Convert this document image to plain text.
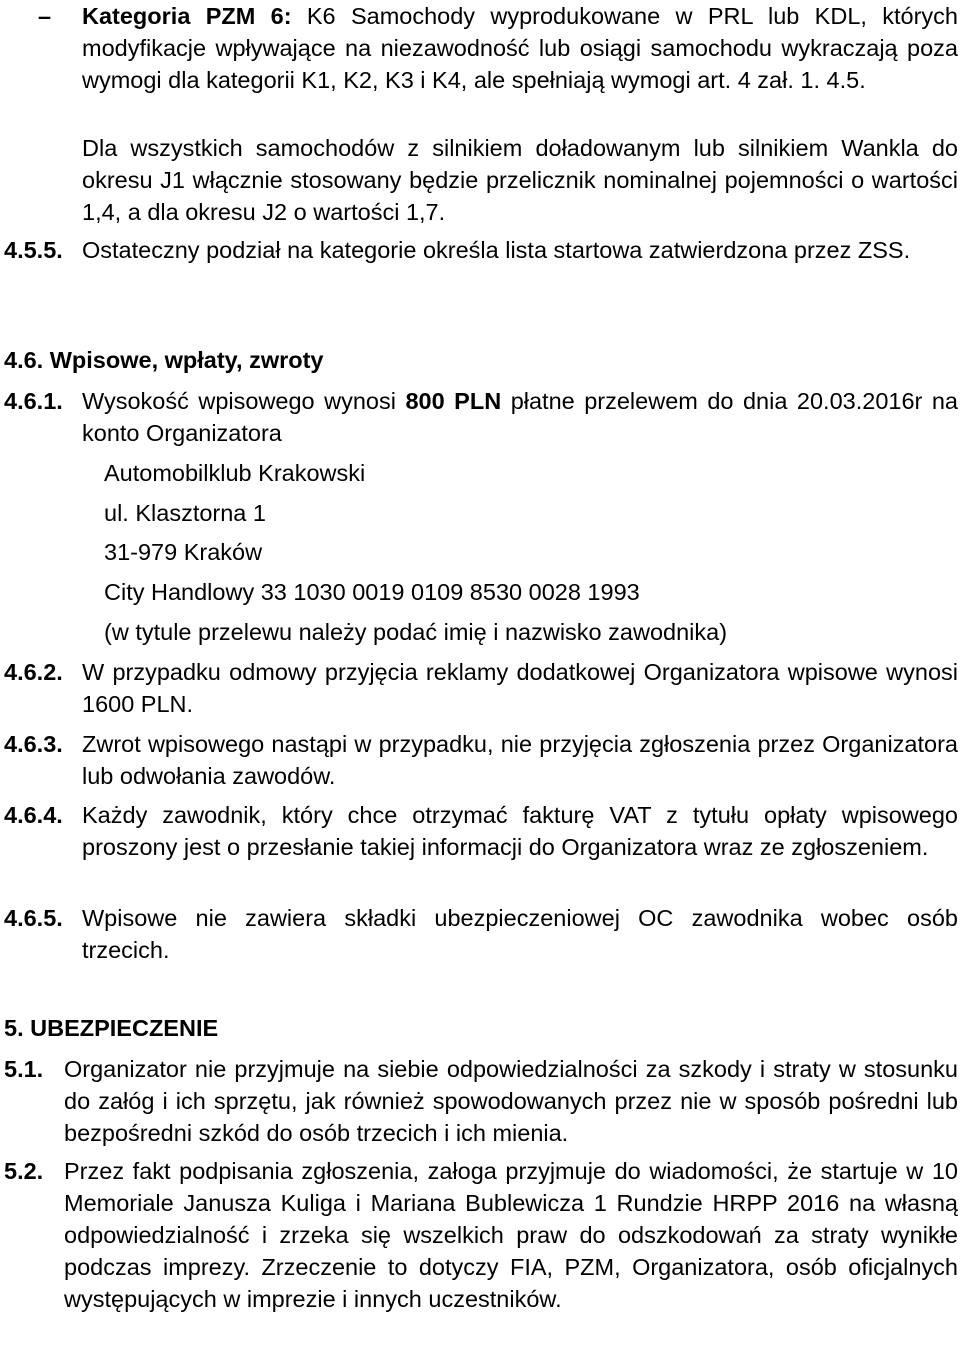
– Kategoria PZM 6: K6 Samochody wyprodukowane w PRL lub KDL, których modyfikacje wpływające na niezawodność lub osiągi samochodu wykraczają poza wymogi dla kategorii K1, K2, K3 i K4, ale spełniają wymogi art. 4 zał. 1. 4.5.
Dla wszystkich samochodów z silnikiem doładowanym lub silnikiem Wankla do okresu J1 włącznie stosowany będzie przelicznik nominalnej pojemności o wartości 1,4, a dla okresu J2 o wartości 1,7.
4.5.5. Ostateczny podział na kategorie określa lista startowa zatwierdzona przez ZSS.
4.6. Wpisowe, wpłaty, zwroty
4.6.1. Wysokość wpisowego wynosi 800 PLN płatne przelewem do dnia 20.03.2016r na konto Organizatora
Automobilklub Krakowski
ul. Klasztorna 1
31-979 Kraków
City Handlowy 33 1030 0019 0109 8530 0028 1993
(w tytule przelewu należy podać imię i nazwisko zawodnika)
4.6.2. W przypadku odmowy przyjęcia reklamy dodatkowej Organizatora wpisowe wynosi 1600 PLN.
4.6.3. Zwrot wpisowego nastąpi w przypadku, nie przyjęcia zgłoszenia przez Organizatora lub odwołania zawodów.
4.6.4. Każdy zawodnik, który chce otrzymać fakturę VAT z tytułu opłaty wpisowego proszony jest o przesłanie takiej informacji do Organizatora wraz ze zgłoszeniem.
4.6.5. Wpisowe nie zawiera składki ubezpieczeniowej OC zawodnika wobec osób trzecich.
5. UBEZPIECZENIE
5.1. Organizator nie przyjmuje na siebie odpowiedzialności za szkody i straty w stosunku do załóg i ich sprzętu, jak również spowodowanych przez nie w sposób pośredni lub bezpośredni szkód do osób trzecich i ich mienia.
5.2. Przez fakt podpisania zgłoszenia, załoga przyjmuje do wiadomości, że startuje w 10 Memoriale Janusza Kuliga i Mariana Bublewicza 1 Rundzie HRPP 2016 na własną odpowiedzialność i zrzeka się wszelkich praw do odszkodowań za straty wynikłe podczas imprezy. Zrzeczenie to dotyczy FIA, PZM, Organizatora, osób oficjalnych występujących w imprezie i innych uczestników.
